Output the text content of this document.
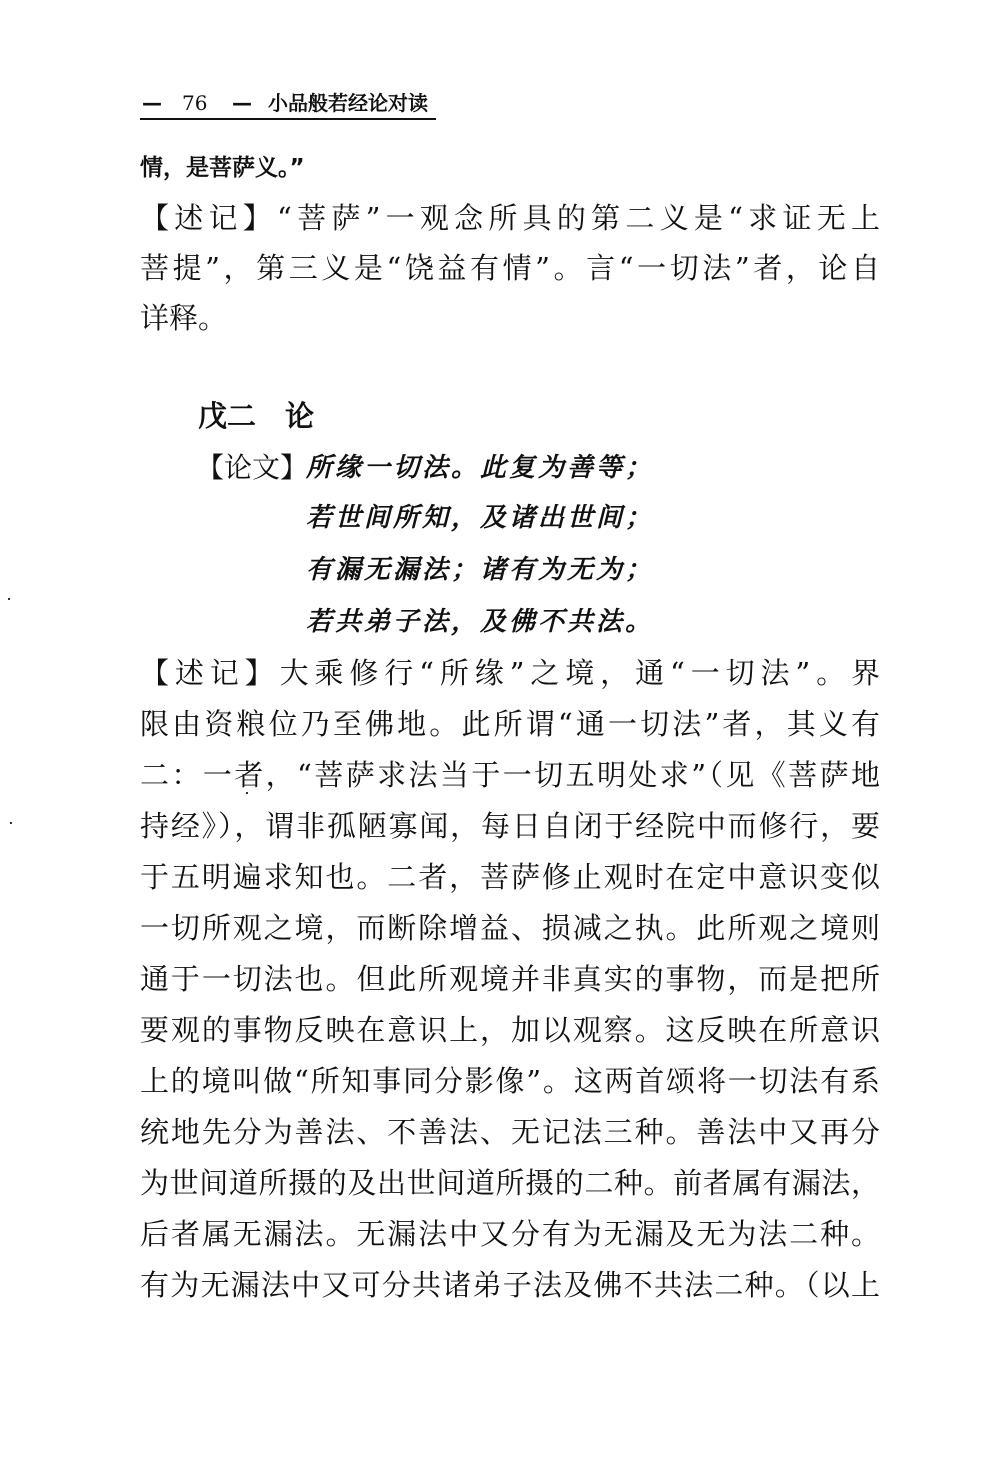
— 76 — 小品般若经论对读
情，是菩萨义。”
【述记】“菩萨”一观念所具的第二义是“求证无上
菩提”，第三义是“饶益有情”。言“一切法”者，论自
详释。
戊二　论
【论文】
所缘一切法。此复为善等；
若世间所知，及诸出世间；
有漏无漏法；诸有为无为；
若共弟子法，及佛不共法。
【述记】大乘修行“所缘”之境，通“一切法”。界
限由资粮位乃至佛地。此所谓“通一切法”者，其义有
二：一者，“菩萨求法当于一切五明处求”（见《菩萨地
持经》），谓非孤陋寡闻，每日自闭于经院中而修行，要
于五明遍求知也。二者，菩萨修止观时在定中意识变似
一切所观之境，而断除增益、损减之执。此所观之境则
通于一切法也。但此所观境并非真实的事物，而是把所
要观的事物反映在意识上，加以观察。这反映在所意识
上的境叫做“所知事同分影像”。这两首颂将一切法有系
统地先分为善法、不善法、无记法三种。善法中又再分
为世间道所摄的及出世间道所摄的二种。前者属有漏法，
后者属无漏法。无漏法中又分有为无漏及无为法二种。
有为无漏法中又可分共诸弟子法及佛不共法二种。（以上
